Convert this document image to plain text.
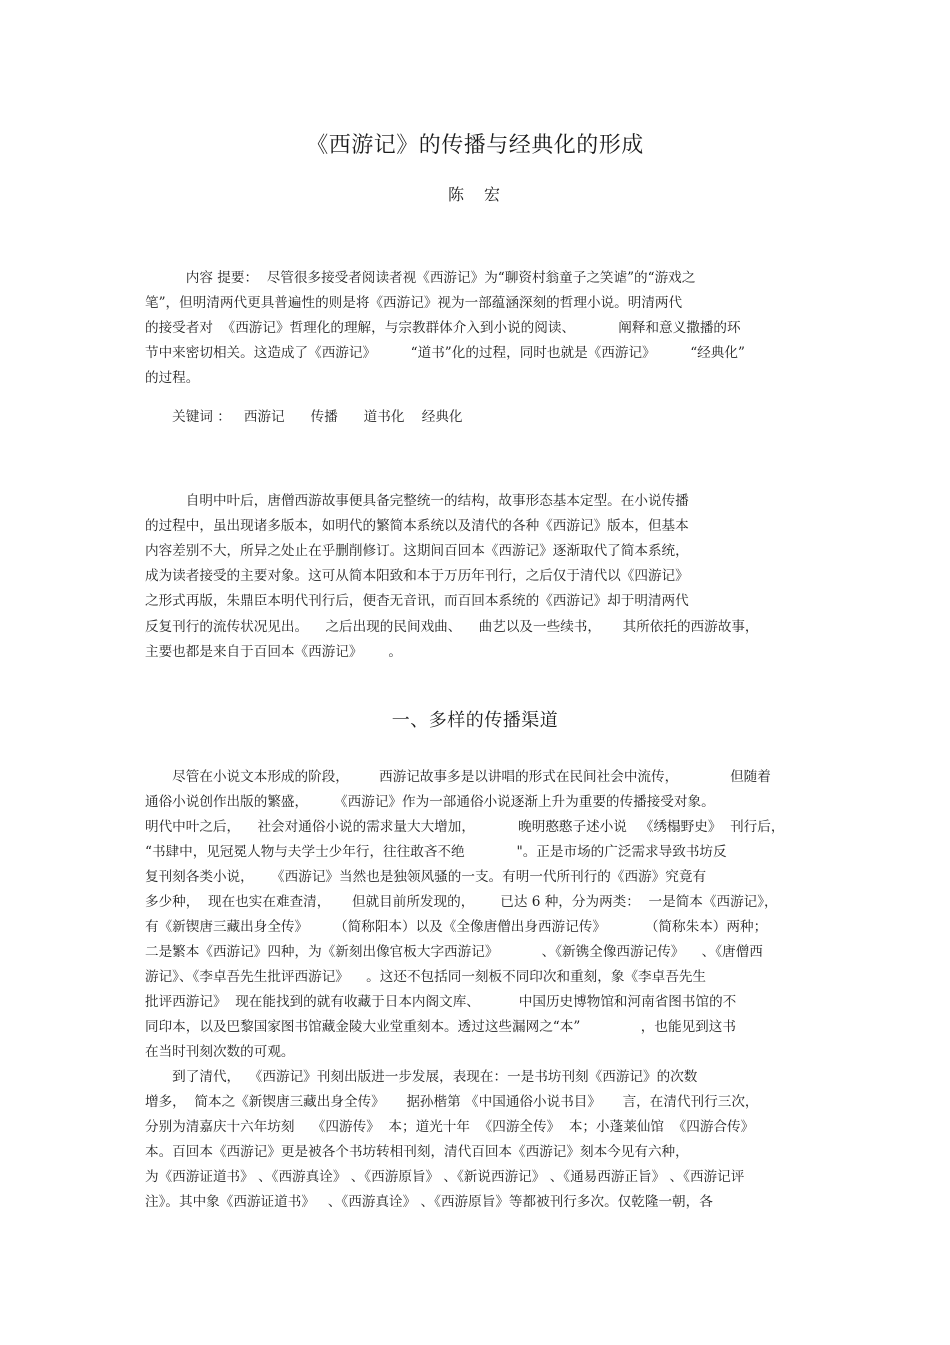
《西游记》的传播与经典化的形成
陈　宏
　　　内容 提要：  尽管很多接受者阅读者视《西游记》为“聊资村翁童子之笑谑”的“游戏之
笔”，但明清两代更具普遍性的则是将《西游记》视为一部蕴涵深刻的哲理小说。明清两代
的接受者对  《西游记》哲理化的理解，与宗教群体介入到小说的阅读、          阐释和意义撒播的环
节中来密切相关。这造成了《西游记》        “道书”化的过程，同时也就是《西游记》        “经典化”
的过程。
　　关键词 ：   西游记      传播      道书化    经典化
　　　自明中叶后，唐僧西游故事便具备完整统一的结构，故事形态基本定型。在小说传播
的过程中，虽出现诸多版本，如明代的繁简本系统以及清代的各种《西游记》版本，但基本
内容差别不大，所异之处止在乎删削修订。这期间百回本《西游记》逐渐取代了简本系统，
成为读者接受的主要对象。这可从简本阳致和本于万历年刊行，之后仅于清代以《四游记》
之形式再版，朱鼎臣本明代刊行后，便杳无音讯，而百回本系统的《西游记》却于明清两代
反复刊行的流传状况见出。    之后出现的民间戏曲、    曲艺以及一些续书，     其所依托的西游故事，
主要也都是来自于百回本《西游记》      。
一、多样的传播渠道
　　尽管在小说文本形成的阶段，       西游记故事多是以讲唱的形式在民间社会中流传，            但随着
通俗小说创作出版的繁盛，      《西游记》作为一部通俗小说逐渐上升为重要的传播接受对象。
明代中叶之后，    社会对通俗小说的需求量大大增加，          晚明憨憨子述小说   《绣榻野史》  刊行后，
“书肆中，见冠冕人物与夫学士少年行，往往敢吝不绝            "。正是市场的广泛需求导致书坊反
复刊刻各类小说，    《西游记》当然也是独领风骚的一支。有明一代所刊行的《西游》究竟有
多少种，  现在也实在难查清，     但就目前所发现的，      已达 6 种，分为两类：  一是简本《西游记》，
有《新锲唐三藏出身全传》      （简称阳本）以及《全像唐僧出身西游记传》         （简称朱本）两种；
二是繁本《西游记》四种，为《新刻出像官板大字西游记》          、《新镌全像西游记传》    、《唐僧西
游记》、《李卓吾先生批评西游记》    。这还不包括同一刻板不同印次和重刻，象《李卓吾先生
批评西游记》  现在能找到的就有收藏于日本内阁文库、         中国历史博物馆和河南省图书馆的不
同印本，以及巴黎国家图书馆藏金陵大业堂重刻本。透过这些漏网之“本”              ，也能见到这书
在当时刊刻次数的可观。
　　到了清代，  《西游记》刊刻出版进一步发展，表现在：一是书坊刊刻《西游记》的次数
增多，  简本之《新锲唐三藏出身全传》     据孙楷第 《中国通俗小说书目》     言，在清代刊行三次，
分别为清嘉庆十六年坊刻    《四游传》  本；道光十年  《四游全传》  本；小蓬莱仙馆  《四游合传》
本。百回本《西游记》更是被各个书坊转相刊刻，清代百回本《西游记》刻本今见有六种，
为《西游证道书》 、《西游真诠》 、《西游原旨》 、《新说西游记》 、《通易西游正旨》 、《西游记评
注》。其中象《西游证道书》   、《西游真诠》 、《西游原旨》等都被刊行多次。仅乾隆一朝，各
